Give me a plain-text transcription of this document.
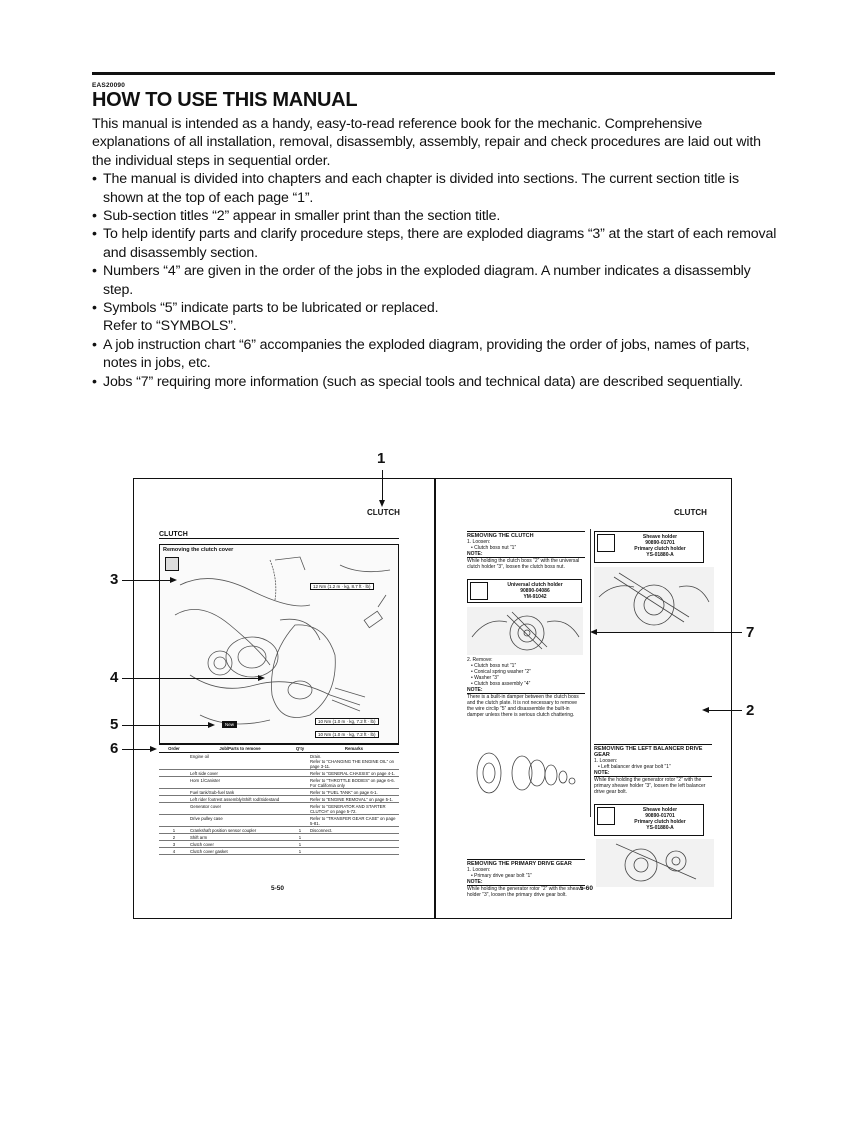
EAS20090
HOW TO USE THIS MANUAL

This manual is intended as a handy, easy-to-read reference book for the mechanic. Comprehensive explanations of all installation, removal, disassembly, assembly, repair and check procedures are laid out with the individual steps in sequential order.

• The manual is divided into chapters and each chapter is divided into sections. The current section title is shown at the top of each page “1”.
• Sub-section titles “2” appear in smaller print than the section title.
• To help identify parts and clarify procedure steps, there are exploded diagrams “3” at the start of each removal and disassembly section.
• Numbers “4” are given in the order of the jobs in the exploded diagram. A number indicates a disassembly step.
• Symbols “5” indicate parts to be lubricated or replaced.
Refer to “SYMBOLS”.
• A job instruction chart “6” accompanies the exploded diagram, providing the order of jobs, names of parts, notes in jobs, etc.
• Jobs “7” requiring more information (such as special tools and technical data) are described sequentially.
1
CLUTCH
CLUTCH
Removing the clutch cover
12 Nm (1.2 m · kg, 8.7 ft · lb)
10 Nm (1.0 m · kg, 7.2 ft · lb)
10 Nm (1.0 m · kg, 7.2 ft · lb)
New
Order	Job/Parts to remove	Q’ty	Remarks
	Engine oil		Drain.
Refer to “CHANGING THE ENGINE OIL” on page 3-11.
	Left side cover		Refer to “GENERAL CHASSIS” on page 4-1.
	Horn 1/Canister		Refer to “THROTTLE BODIES” on page 6-6. For California only
	Fuel tank/Sub-fuel tank		Refer to “FUEL TANK” on page 6-1.
	Left rider footrest assembly/Shift rod/Sidestand		Refer to “ENGINE REMOVAL” on page 5-1.
	Generator cover		Refer to “GENERATOR AND STARTER CLUTCH” on page 5-72.
	Drive pulley case		Refer to “TRANSFER GEAR CASE” on page 5-81.
1	Crankshaft position sensor coupler	1	Disconnect.
2	Shift arm	1	
3	Clutch cover	1	
4	Clutch cover gasket	1	
5-50
CLUTCH
REMOVING THE CLUTCH
1. Loosen:
• Clutch boss nut “1”
NOTE:
While holding the clutch boss “2” with the universal clutch holder “3”, loosen the clutch boss nut.
Universal clutch holder
90890-04086
YM-91042
2. Remove:
• Clutch boss nut “1”
• Conical spring washer “2”
• Washer “3”
• Clutch boss assembly “4”
NOTE:
There is a built-in damper between the clutch boss and the clutch plate. It is not necessary to remove the wire circlip “5” and disassemble the built-in damper unless there is serious clutch chattering.
REMOVING THE PRIMARY DRIVE GEAR
1. Loosen:
• Primary drive gear bolt “1”
NOTE:
While holding the generator rotor “2” with the sheave holder “3”, loosen the primary drive gear bolt.
Sheave holder
90890-01701
Primary clutch holder
YS-01880-A
REMOVING THE LEFT BALANCER DRIVE GEAR
1. Loosen:
• Left balancer drive gear bolt “1”
NOTE:
While the holding the generator rotor “2” with the primary sheave holder “3”, loosen the left balancer drive gear bolt.
Sheave holder
90890-01701
Primary clutch holder
YS-01880-A
5-60
3
4
5
6
7
2
